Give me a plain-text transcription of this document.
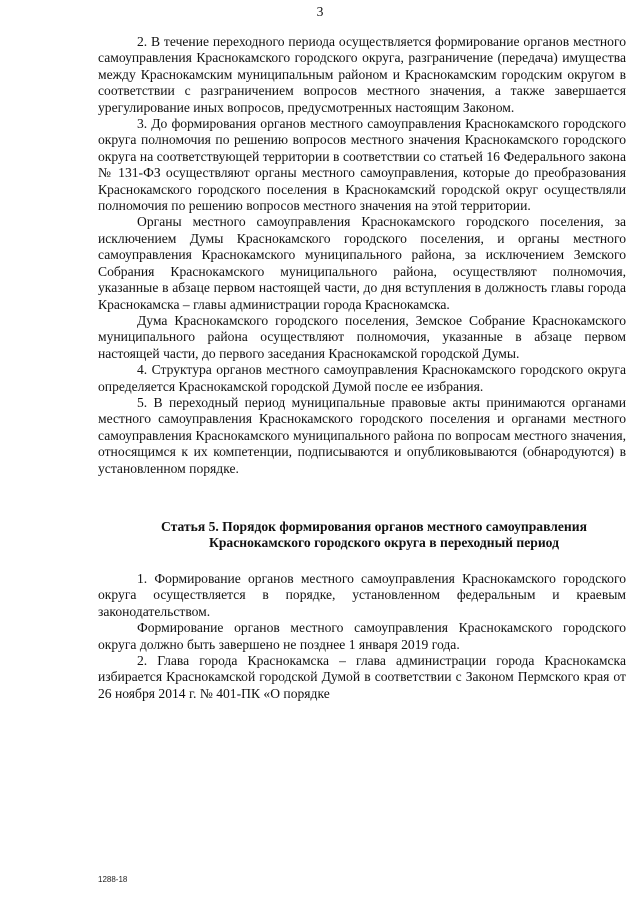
3

2. В течение переходного периода осуществляется формирование органов местного самоуправления Краснокамского городского округа, разграничение (передача) имущества между Краснокамским муниципальным районом и Краснокамским городским округом в соответствии с разграничением вопросов местного значения, а также завершается урегулирование иных вопросов, предусмотренных настоящим Законом.

3. До формирования органов местного самоуправления Краснокамского городского округа полномочия по решению вопросов местного значения Краснокамского городского округа на соответствующей территории в соответствии со статьей 16 Федерального закона № 131-ФЗ осуществляют органы местного самоуправления, которые до преобразования Краснокамского городского поселения в Краснокамский городской округ осуществляли полномочия по решению вопросов местного значения на этой территории.

Органы местного самоуправления Краснокамского городского поселения, за исключением Думы Краснокамского городского поселения, и органы местного самоуправления Краснокамского муниципального района, за исключением Земского Собрания Краснокамского муниципального района, осуществляют полномочия, указанные в абзаце первом настоящей части, до дня вступления в должность главы города Краснокамска – главы администрации города Краснокамска.

Дума Краснокамского городского поселения, Земское Собрание Краснокамского муниципального района осуществляют полномочия, указанные в абзаце первом настоящей части, до первого заседания Краснокамской городской Думы.

4. Структура органов местного самоуправления Краснокамского городского округа определяется Краснокамской городской Думой после ее избрания.

5. В переходный период муниципальные правовые акты принимаются органами местного самоуправления Краснокамского городского поселения и органами местного самоуправления Краснокамского муниципального района по вопросам местного значения, относящимся к их компетенции, подписываются и опубликовываются (обнародуются) в установленном порядке.

Статья 5. Порядок формирования органов местного самоуправления
Краснокамского городского округа в переходный период

1. Формирование органов местного самоуправления Краснокамского городского округа осуществляется в порядке, установленном федеральным и краевым законодательством.

Формирование органов местного самоуправления Краснокамского городского округа должно быть завершено не позднее 1 января 2019 года.

2. Глава города Краснокамска – глава администрации города Краснокамска избирается Краснокамской городской Думой в соответствии с Законом Пермского края от 26 ноября 2014 г. № 401-ПК «О порядке

1288-18
